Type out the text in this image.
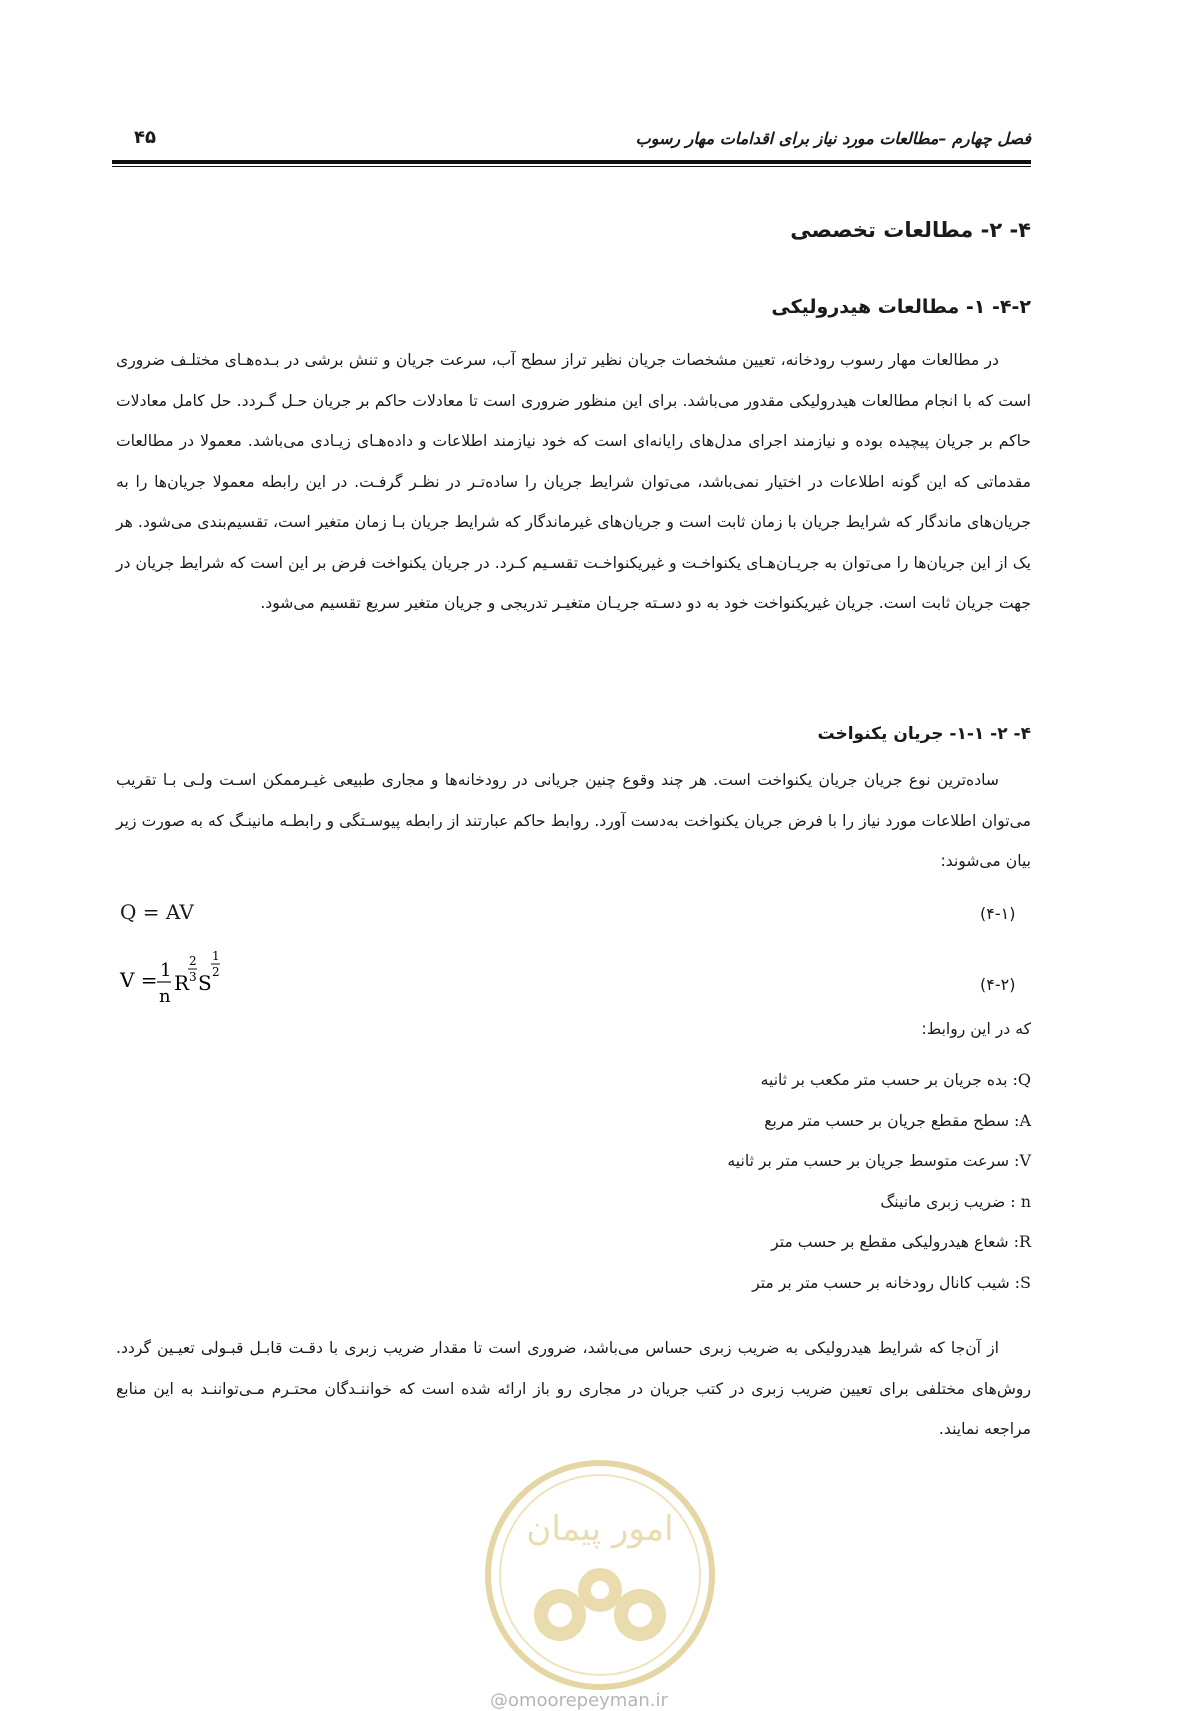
فصل چهارم –مطالعات مورد نیاز برای اقدامات مهار رسوب
۴۵
۴- ۲- مطالعات تخصصی
۴-۲- ۱- مطالعات هیدرولیکی

در مطالعات مهار رسوب رودخانه، تعیین مشخصات جریان نظیر تراز سطح آب، سرعت جریان و تنش برشی در بـده‌هـای مختلـف ضروری است که با انجام مطالعات هیدرولیکی مقدور می‌باشد. برای این منظور ضروری است تا معادلات حاکم بر جریان حـل گـردد. حل کامل معادلات حاکم بر جریان پیچیده بوده و نیازمند اجرای مدل‌های رایانه‌ای است که خود نیازمند اطلاعات و داده‌هـای زیـادی می‌باشد. معمولا در مطالعات مقدماتی که این گونه اطلاعات در اختیار نمی‌باشد، می‌توان شرایط جریان را ساده‌تـر در نظـر گرفـت. در این رابطه معمولا جریان‌ها را به جریان‌های ماندگار که شرایط جریان با زمان ثابت است و جریان‌های غیرماندگار که شرایط جریان بـا زمان متغیر است، تقسیم‌بندی می‌شود. هر یک از این جریان‌ها را می‌توان به جریـان‌هـای یکنواخـت و غیریکنواخـت تقسـیم کـرد. در جریان یکنواخت فرض بر این است که شرایط جریان در جهت جریان ثابت است. جریان غیریکنواخت خود به دو دسـته جریـان متغیـر تدریجی و جریان متغیر سریع تقسیم می‌شود.

۴- ۲- ۱-۱- جریان یکنواخت

ساده‌ترین نوع جریان جریان یکنواخت است. هر چند وقوع چنین جریانی در رودخانه‌ها و مجاری طبیعی غیـرممکن اسـت ولـی بـا تقریب می‌توان اطلاعات مورد نیاز را با فرض جریان یکنواخت به‌دست آورد. روابط حاکم عبارتند از رابطه پیوسـتگی و رابطـه مانینـگ که به صورت زیر بیان می‌شوند:

Q = AV	(۴-۱)
V = 1
n
R
2
3 S
1
2
(۴-۲)
که در این روابط:
Q: بده جریان بر حسب متر مکعب بر ثانیه
A: سطح مقطع جریان بر حسب متر مربع
V: سرعت متوسط جریان بر حسب متر بر ثانیه
n : ضریب زبری مانینگ
R: شعاع هیدرولیکی مقطع بر حسب متر
S: شیب کانال رودخانه بر حسب متر بر متر

از آن‌جا که شرایط هیدرولیکی به ضریب زبری حساس می‌باشد، ضروری است تا مقدار ضریب زبری با دقـت قابـل قبـولی تعیـین گردد. روش‌های مختلفی برای تعیین ضریب زبری در کتب جریان در مجاری رو باز ارائه شده است که خواننـدگان محتـرم مـی‌تواننـد به این منابع مراجعه نمایند.

امور پیمان
@omoorepeyman.ir
